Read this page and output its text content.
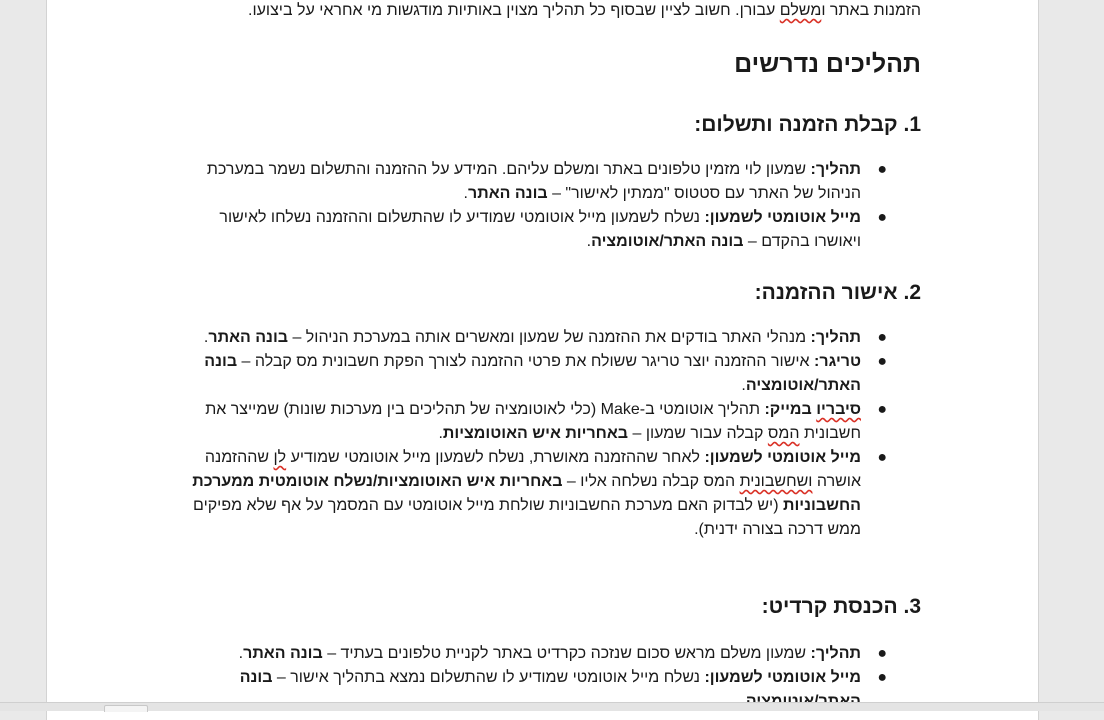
הזמנות באתר ומשלם עבורן. חשוב לציין שבסוף כל תהליך מצוין באותיות מודגשות מי אחראי על ביצועו.

תהליכים נדרשים
1. קבלת הזמנה ותשלום:
●
תהליך: שמעון לוי מזמין טלפונים באתר ומשלם עליהם. המידע על ההזמנה והתשלום נשמר במערכת הניהול של האתר עם סטטוס "ממתין לאישור" – בונה האתר.
●
מייל אוטומטי לשמעון: נשלח לשמעון מייל אוטומטי שמודיע לו שהתשלום וההזמנה נשלחו לאישור ויאושרו בהקדם – בונה האתר/אוטומציה.
2. אישור ההזמנה:
●
תהליך: מנהלי האתר בודקים את ההזמנה של שמעון ומאשרים אותה במערכת הניהול – בונה האתר.
●
טריגר: אישור ההזמנה יוצר טריגר ששולח את פרטי ההזמנה לצורך הפקת חשבונית מס קבלה – בונה האתר/אוטומציה.
●
סיבריו במייק: תהליך אוטומטי ב-Make (כלי לאוטומציה של תהליכים בין מערכות שונות) שמייצר את חשבונית המס קבלה עבור שמעון – באחריות איש האוטומציות.
●
מייל אוטומטי לשמעון: לאחר שההזמנה מאושרת, נשלח לשמעון מייל אוטומטי שמודיע לן שההזמנה אושרה ושחשבונית המס קבלה נשלחה אליו – באחריות איש האוטומציות/נשלח אוטומטית ממערכת החשבוניות (יש לבדוק האם מערכת החשבוניות שולחת מייל אוטומטי עם המסמך על אף שלא מפיקים ממש דרכה בצורה ידנית).
3. הכנסת קרדיט:
●
תהליך: שמעון משלם מראש סכום שנזכה כקרדיט באתר לקניית טלפונים בעתיד – בונה האתר.
●
מייל אוטומטי לשמעון: נשלח מייל אוטומטי שמודיע לו שהתשלום נמצא בתהליך אישור – בונה
